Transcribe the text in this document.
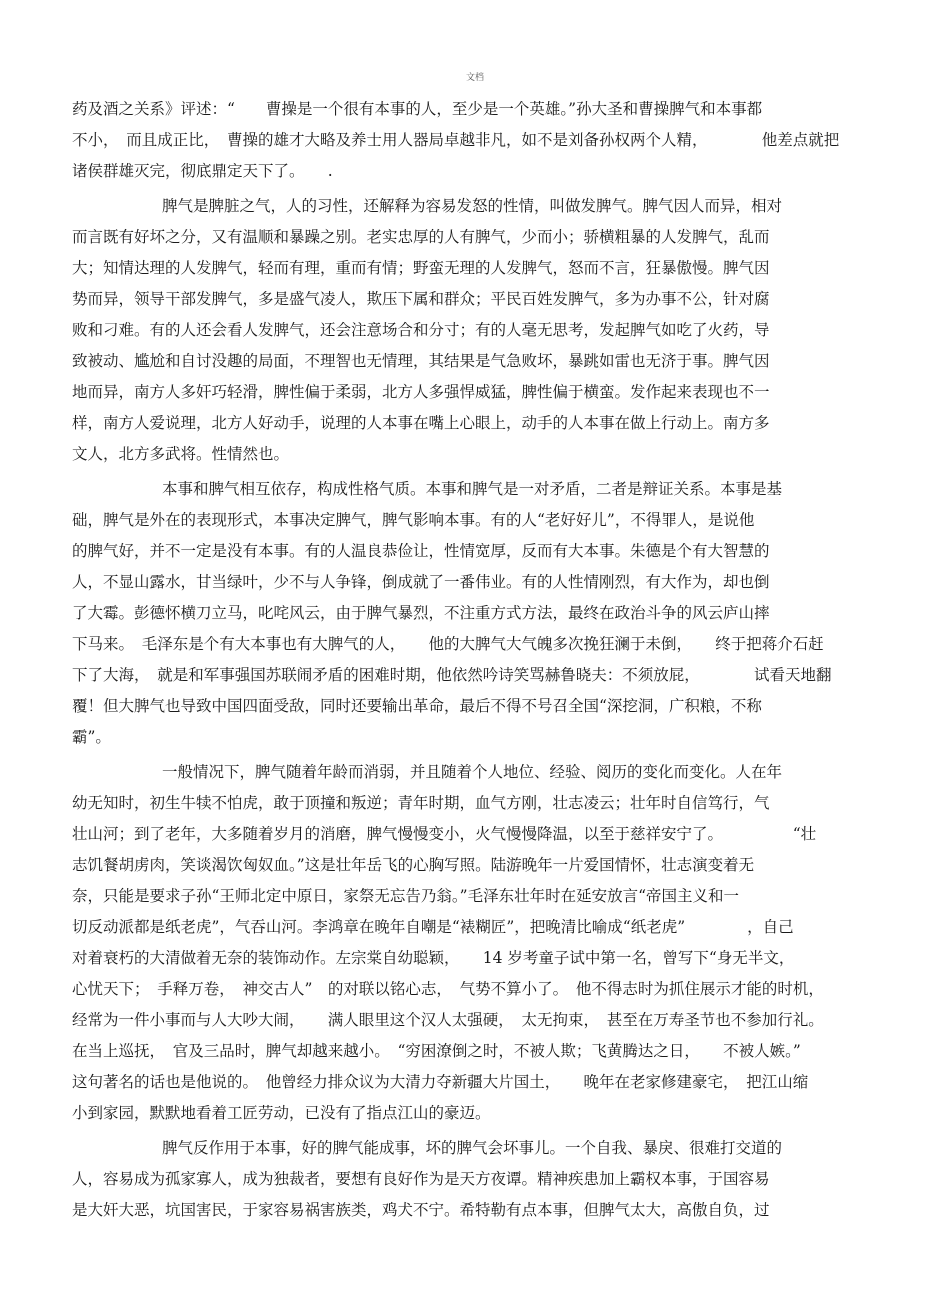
文档
药及酒之关系》评述：“　　曹操是一个很有本事的人，至少是一个英雄。”孙大圣和曹操脾气和本事都
不小，　而且成正比，　曹操的雄才大略及养士用人器局卓越非凡，如不是刘备孙权两个人精，　　　　他差点就把
诸侯群雄灭完，彻底鼎定天下了。　　.
脾气是脾脏之气，人的习性，还解释为容易发怒的性情，叫做发脾气。脾气因人而异，相对
而言既有好坏之分，又有温顺和暴躁之别。老实忠厚的人有脾气，少而小；骄横粗暴的人发脾气，乱而
大；知情达理的人发脾气，轻而有理，重而有情；野蛮无理的人发脾气，怒而不言，狂暴傲慢。脾气因
势而异，领导干部发脾气，多是盛气凌人，欺压下属和群众；平民百姓发脾气，多为办事不公，针对腐
败和刁难。有的人还会看人发脾气，还会注意场合和分寸；有的人毫无思考，发起脾气如吃了火药，导
致被动、尴尬和自讨没趣的局面，不理智也无情理，其结果是气急败坏，暴跳如雷也无济于事。脾气因
地而异，南方人多奸巧轻滑，脾性偏于柔弱，北方人多强悍威猛，脾性偏于横蛮。发作起来表现也不一
样，南方人爱说理，北方人好动手，说理的人本事在嘴上心眼上，动手的人本事在做上行动上。南方多
文人，北方多武将。性情然也。
本事和脾气相互依存，构成性格气质。本事和脾气是一对矛盾，二者是辩证关系。本事是基
础，脾气是外在的表现形式，本事决定脾气，脾气影响本事。有的人“老好好儿”，不得罪人，是说他
的脾气好，并不一定是没有本事。有的人温良恭俭让，性情宽厚，反而有大本事。朱德是个有大智慧的
人，不显山露水，甘当绿叶，少不与人争锋，倒成就了一番伟业。有的人性情刚烈，有大作为，却也倒
了大霉。彭德怀横刀立马，叱咤风云，由于脾气暴烈，不注重方式方法，最终在政治斗争的风云庐山摔
下马来。　毛泽东是个有大本事也有大脾气的人，　　他的大脾气大气魄多次挽狂澜于未倒，　　终于把蒋介石赶
下了大海，　就是和军事强国苏联闹矛盾的困难时期，他依然吟诗笑骂赫鲁晓夫：不须放屁，　　　　试看天地翻
覆！但大脾气也导致中国四面受敌，同时还要输出革命，最后不得不号召全国“深挖洞，广积粮，不称
霸”。
一般情况下，脾气随着年龄而消弱，并且随着个人地位、经验、阅历的变化而变化。人在年
幼无知时，初生牛犊不怕虎，敢于顶撞和叛逆；青年时期，血气方刚，壮志凌云；壮年时自信笃行，气
壮山河；到了老年，大多随着岁月的消磨，脾气慢慢变小，火气慢慢降温，以至于慈祥安宁了。　　　　　“壮
志饥餐胡虏肉，笑谈渴饮匈奴血。”这是壮年岳飞的心胸写照。陆游晚年一片爱国情怀，壮志演变着无
奈，只能是要求子孙“王师北定中原日，家祭无忘告乃翁。”毛泽东壮年时在延安放言“帝国主义和一
切反动派都是纸老虎”，气吞山河。李鸿章在晚年自嘲是“裱糊匠”，把晚清比喻成“纸老虎”　　　　，自己
对着衰朽的大清做着无奈的装饰动作。左宗棠自幼聪颖，　　14 岁考童子试中第一名，曾写下“身无半文，
心忧天下；　手释万卷，　神交古人”　的对联以铭心志，　气势不算小了。　他不得志时为抓住展示才能的时机，
经常为一件小事而与人大吵大闹，　　满人眼里这个汉人太强硬，　太无拘束，　甚至在万寿圣节也不参加行礼。
在当上巡抚，　官及三品时，脾气却越来越小。　“穷困潦倒之时，不被人欺；飞黄腾达之日，　　不被人嫉。”
这句著名的话也是他说的。　他曾经力排众议为大清力夺新疆大片国土，　　晚年在老家修建豪宅，　把江山缩
小到家园，默默地看着工匠劳动，已没有了指点江山的豪迈。
脾气反作用于本事，好的脾气能成事，坏的脾气会坏事儿。一个自我、暴戾、很难打交道的
人，容易成为孤家寡人，成为独裁者，要想有良好作为是天方夜谭。精神疾患加上霸权本事，于国容易
是大奸大恶，坑国害民，于家容易祸害族类，鸡犬不宁。希特勒有点本事，但脾气太大，高傲自负，过
